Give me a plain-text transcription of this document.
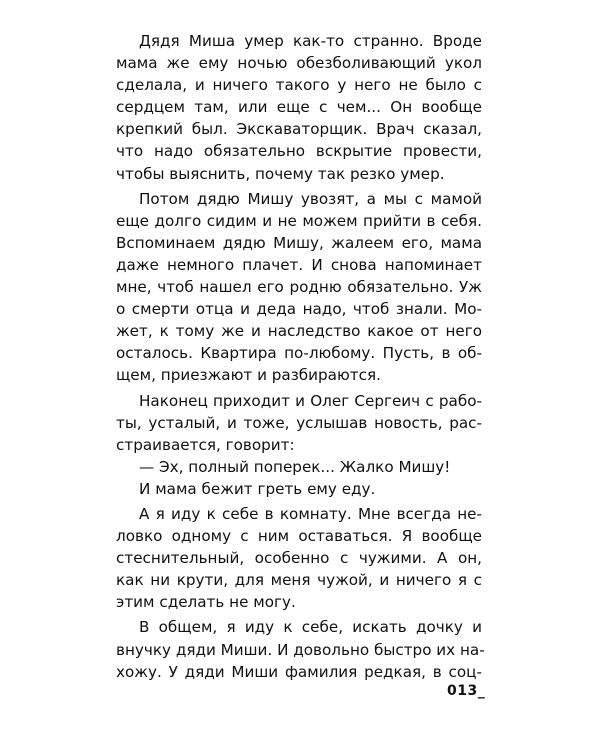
Дядя Миша умер как-то странно. Вроде
мама же ему ночью обезболивающий укол
сделала, и ничего такого у него не было с
сердцем там, или еще с чем... Он вообще
крепкий был. Экскаваторщик. Врач сказал,
что надо обязательно вскрытие провести,
чтобы выяснить, почему так резко умер.
Потом дядю Мишу увозят, а мы с мамой
еще долго сидим и не можем прийти в себя.
Вспоминаем дядю Мишу, жалеем его, мама
даже немного плачет. И снова напоминает
мне, чтоб нашел его родню обязательно. Уж
о смерти отца и деда надо, чтоб знали. Мо-
жет, к тому же и наследство какое от него
осталось. Квартира по-любому. Пусть, в об-
щем, приезжают и разбираются.
Наконец приходит и Олег Сергеич с рабо-
ты, усталый, и тоже, услышав новость, рас-
страивается, говорит:
— Эх, полный поперек... Жалко Мишу!
И мама бежит греть ему еду.
А я иду к себе в комнату. Мне всегда не-
ловко одному с ним оставаться. Я вообще
стеснительный, особенно с чужими. А он,
как ни крути, для меня чужой, и ничего я с
этим сделать не могу.
В общем, я иду к себе, искать дочку и
внучку дяди Миши. И довольно быстро их на-
хожу. У дяди Миши фамилия редкая, в соц-
013_
